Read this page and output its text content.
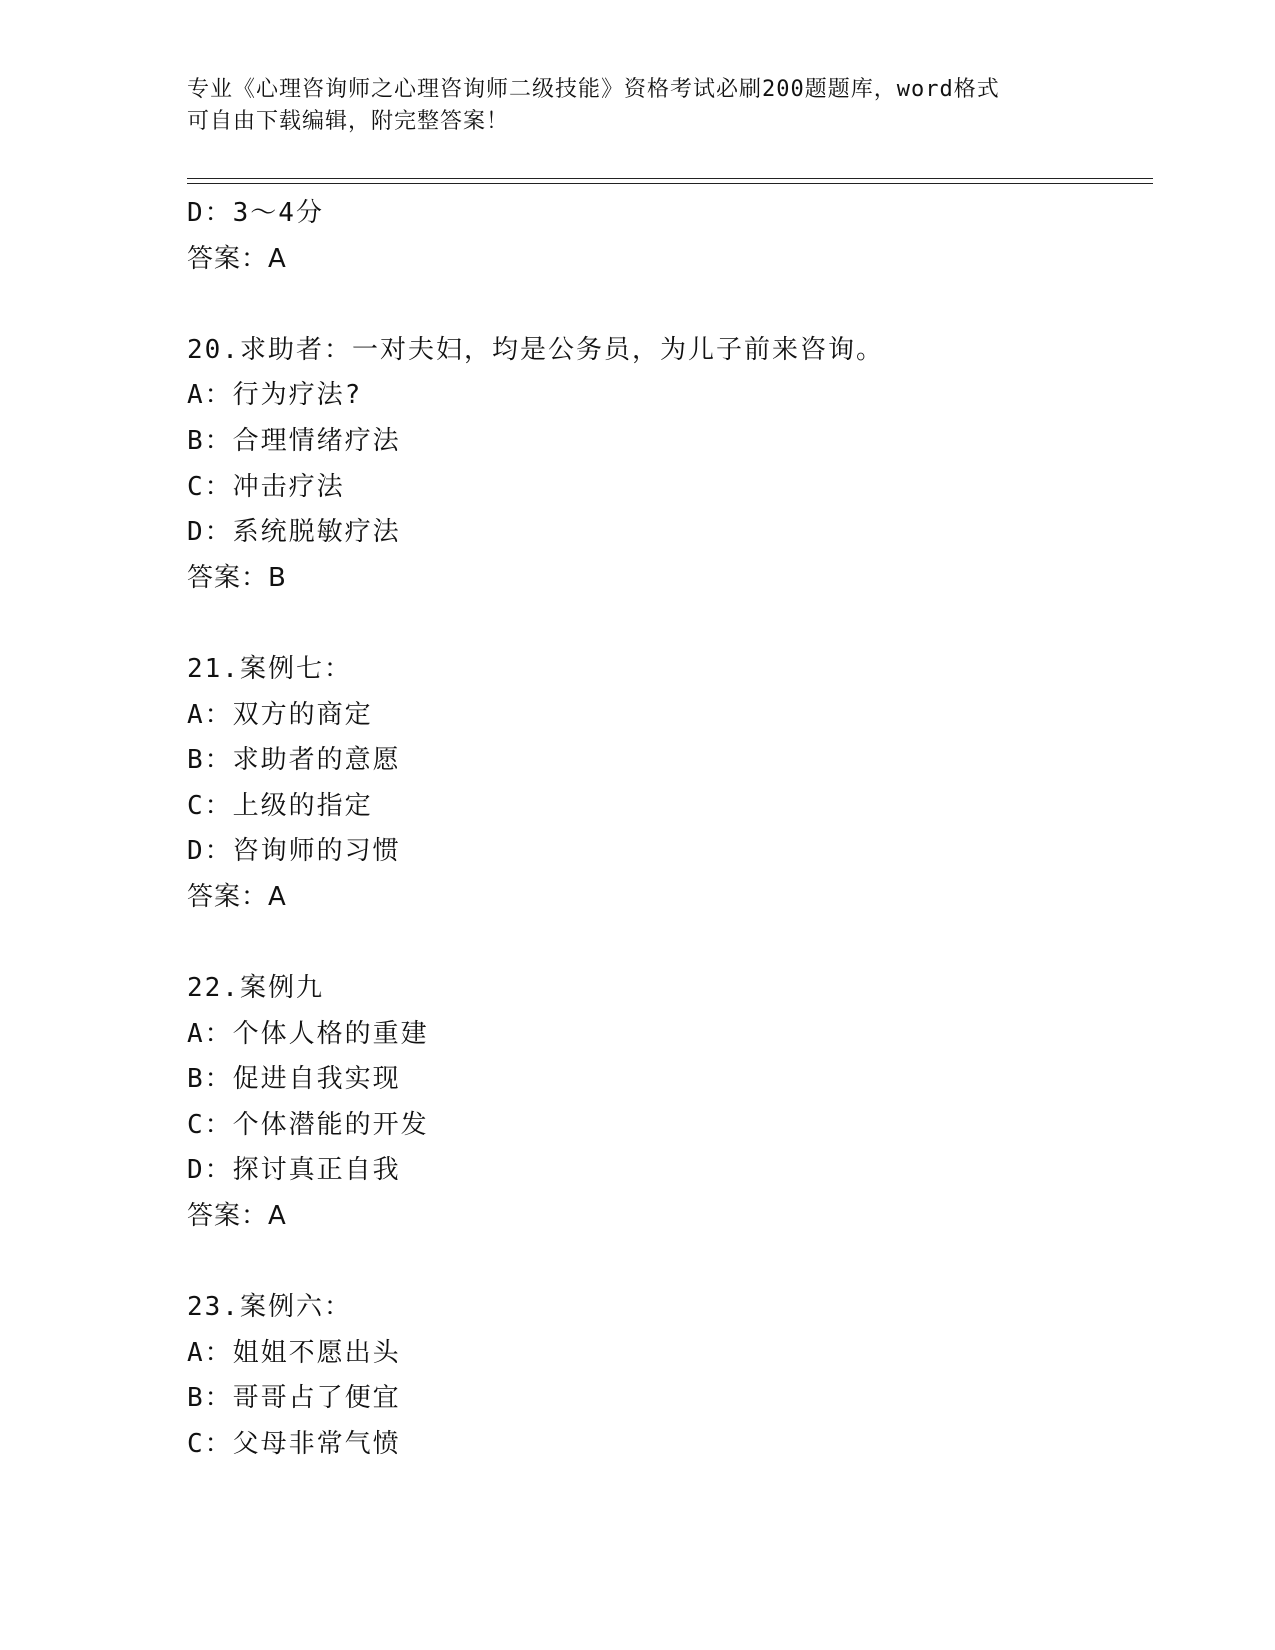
专业《心理咨询师之心理咨询师二级技能》资格考试必刷200题题库，word格式
可自由下载编辑，附完整答案！
D：3～4分
答案：A
20.求助者：一对夫妇，均是公务员，为儿子前来咨询。
A：行为疗法?
B：合理情绪疗法
C：冲击疗法
D：系统脱敏疗法
答案：B
21.案例七：
A：双方的商定
B：求助者的意愿
C：上级的指定
D：咨询师的习惯
答案：A
22.案例九
A：个体人格的重建
B：促进自我实现
C：个体潜能的开发
D：探讨真正自我
答案：A
23.案例六：
A：姐姐不愿出头
B：哥哥占了便宜
C：父母非常气愤
